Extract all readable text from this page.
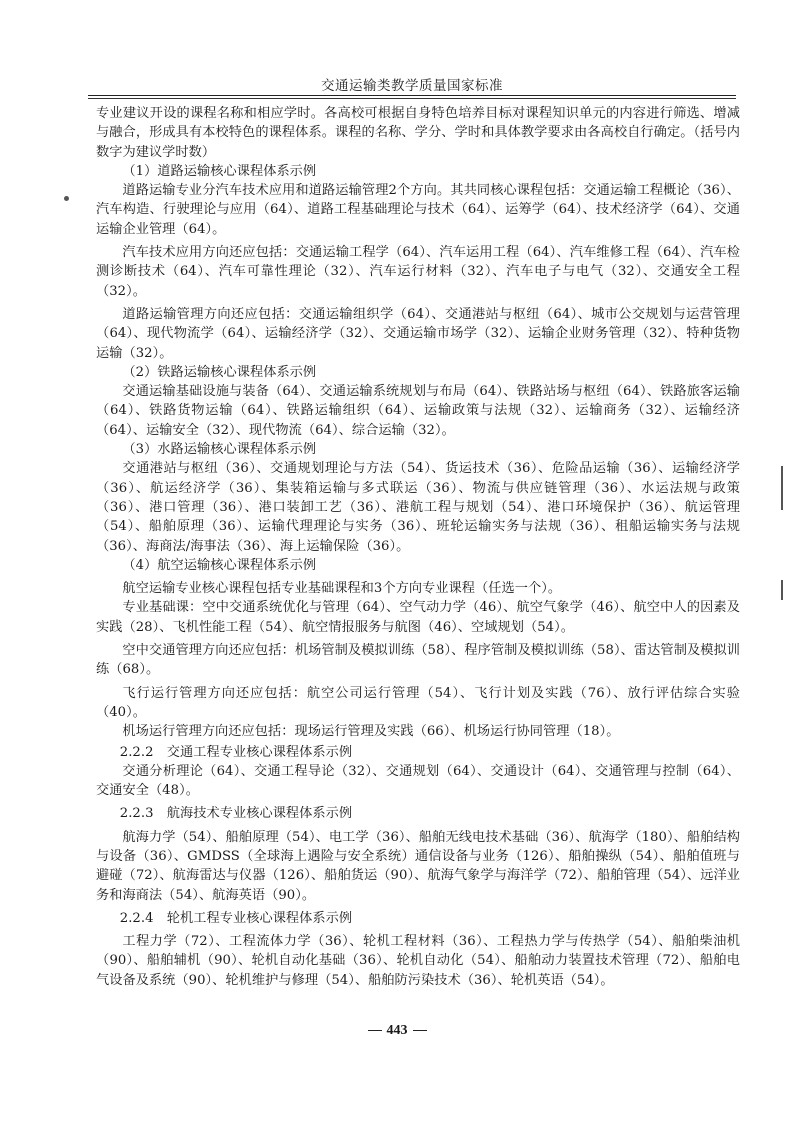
交通运输类教学质量国家标准

专业建议开设的课程名称和相应学时。各高校可根据自身特色培养目标对课程知识单元的内容进行筛选、增减与融合，形成具有本校特色的课程体系。课程的名称、学分、学时和具体教学要求由各高校自行确定。（括号内数字为建议学时数）

（1）道路运输核心课程体系示例

道路运输专业分汽车技术应用和道路运输管理2个方向。其共同核心课程包括：交通运输工程概论（36）、汽车构造、行驶理论与应用（64）、道路工程基础理论与技术（64）、运筹学（64）、技术经济学（64）、交通运输企业管理（64）。

汽车技术应用方向还应包括：交通运输工程学（64）、汽车运用工程（64）、汽车维修工程（64）、汽车检测诊断技术（64）、汽车可靠性理论（32）、汽车运行材料（32）、汽车电子与电气（32）、交通安全工程（32）。

道路运输管理方向还应包括：交通运输组织学（64）、交通港站与枢纽（64）、城市公交规划与运营管理（64）、现代物流学（64）、运输经济学（32）、交通运输市场学（32）、运输企业财务管理（32）、特种货物运输（32）。

（2）铁路运输核心课程体系示例

交通运输基础设施与装备（64）、交通运输系统规划与布局（64）、铁路站场与枢纽（64）、铁路旅客运输（64）、铁路货物运输（64）、铁路运输组织（64）、运输政策与法规（32）、运输商务（32）、运输经济（64）、运输安全（32）、现代物流（64）、综合运输（32）。

（3）水路运输核心课程体系示例

交通港站与枢纽（36）、交通规划理论与方法（54）、货运技术（36）、危险品运输（36）、运输经济学（36）、航运经济学（36）、集装箱运输与多式联运（36）、物流与供应链管理（36）、水运法规与政策（36）、港口管理（36）、港口装卸工艺（36）、港航工程与规划（54）、港口环境保护（36）、航运管理（54）、船舶原理（36）、运输代理理论与实务（36）、班轮运输实务与法规（36）、租船运输实务与法规（36）、海商法/海事法（36）、海上运输保险（36）。

（4）航空运输核心课程体系示例

航空运输专业核心课程包括专业基础课程和3个方向专业课程（任选一个）。

专业基础课：空中交通系统优化与管理（64）、空气动力学（46）、航空气象学（46）、航空中人的因素及实践（28）、飞机性能工程（54）、航空情报服务与航图（46）、空域规划（54）。

空中交通管理方向还应包括：机场管制及模拟训练（58）、程序管制及模拟训练（58）、雷达管制及模拟训练（68）。

飞行运行管理方向还应包括：航空公司运行管理（54）、飞行计划及实践（76）、放行评估综合实验（40）。

机场运行管理方向还应包括：现场运行管理及实践（66）、机场运行协同管理（18）。

2.2.2　交通工程专业核心课程体系示例

交通分析理论（64）、交通工程导论（32）、交通规划（64）、交通设计（64）、交通管理与控制（64）、交通安全（48）。

2.2.3　航海技术专业核心课程体系示例

航海力学（54）、船舶原理（54）、电工学（36）、船舶无线电技术基础（36）、航海学（180）、船舶结构与设备（36）、GMDSS（全球海上遇险与安全系统）通信设备与业务（126）、船舶操纵（54）、船舶值班与避碰（72）、航海雷达与仪器（126）、船舶货运（90）、航海气象学与海洋学（72）、船舶管理（54）、远洋业务和海商法（54）、航海英语（90）。

2.2.4　轮机工程专业核心课程体系示例

工程力学（72）、工程流体力学（36）、轮机工程材料（36）、工程热力学与传热学（54）、船舶柴油机（90）、船舶辅机（90）、轮机自动化基础（36）、轮机自动化（54）、船舶动力装置技术管理（72）、船舶电气设备及系统（90）、轮机维护与修理（54）、船舶防污染技术（36）、轮机英语（54）。

443
